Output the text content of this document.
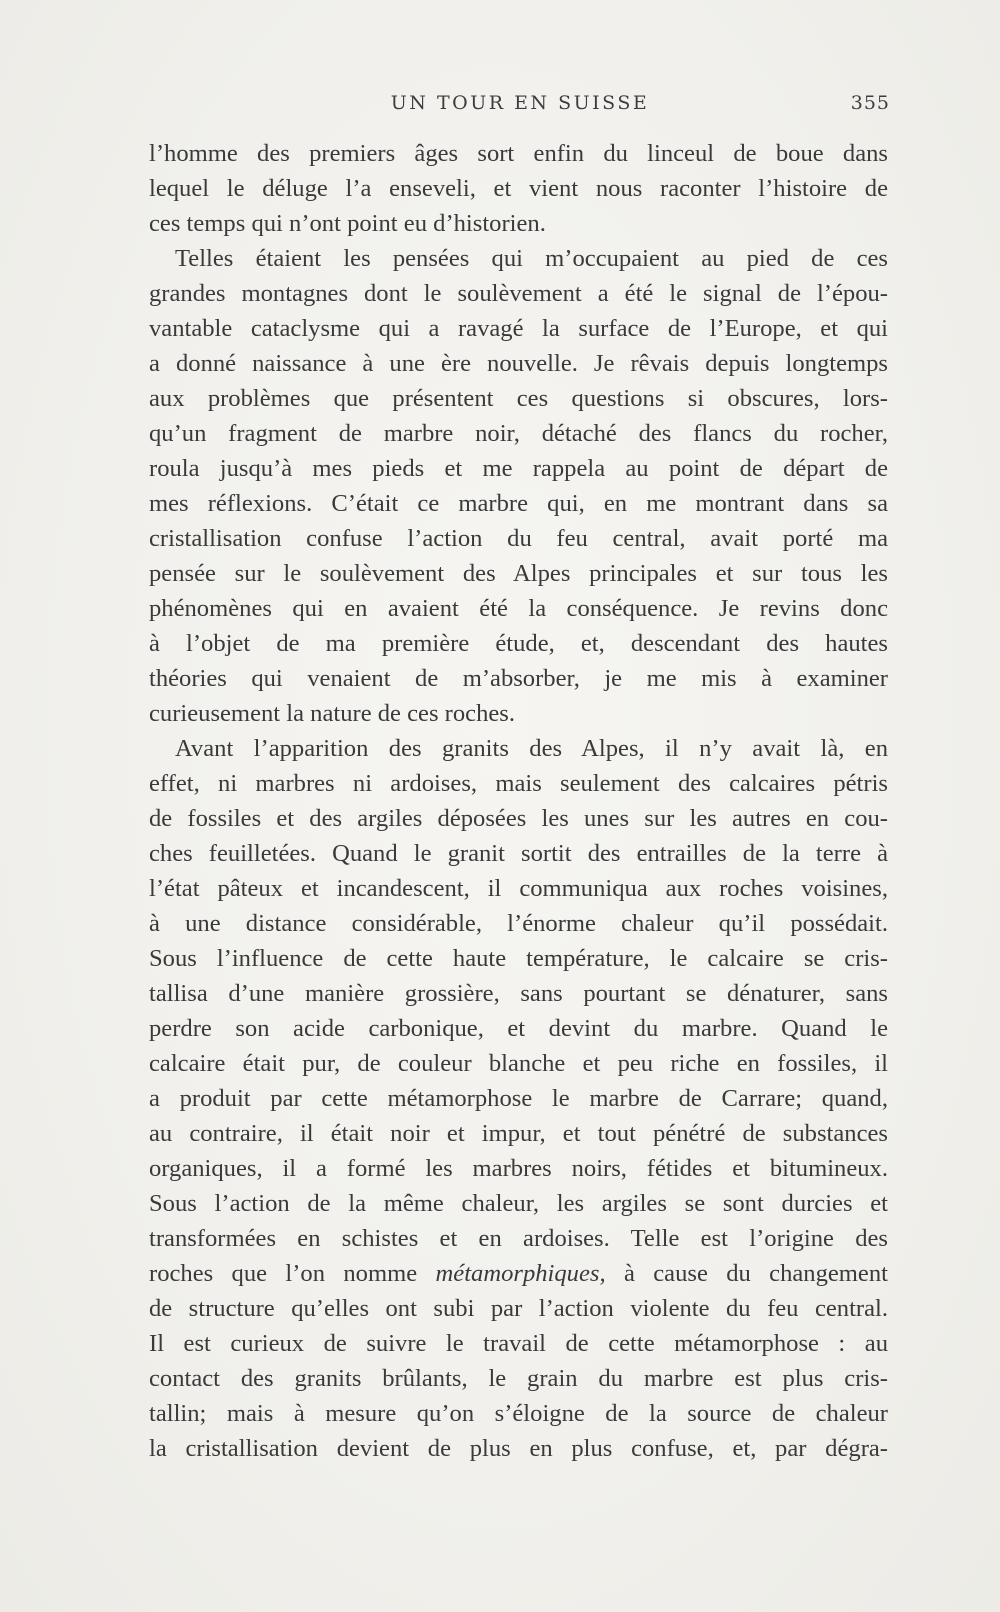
UN TOUR EN SUISSE	355
l’homme des premiers âges sort enfin du linceul de boue dans
lequel le déluge l’a enseveli, et vient nous raconter l’histoire de
ces temps qui n’ont point eu d’historien.
Telles étaient les pensées qui m’occupaient au pied de ces
grandes montagnes dont le soulèvement a été le signal de l’épou-
vantable cataclysme qui a ravagé la surface de l’Europe, et qui
a donné naissance à une ère nouvelle. Je rêvais depuis longtemps
aux problèmes que présentent ces questions si obscures, lors-
qu’un fragment de marbre noir, détaché des flancs du rocher,
roula jusqu’à mes pieds et me rappela au point de départ de
mes réflexions. C’était ce marbre qui, en me montrant dans sa
cristallisation confuse l’action du feu central, avait porté ma
pensée sur le soulèvement des Alpes principales et sur tous les
phénomènes qui en avaient été la conséquence. Je revins donc
à l’objet de ma première étude, et, descendant des hautes
théories qui venaient de m’absorber, je me mis à examiner
curieusement la nature de ces roches.
Avant l’apparition des granits des Alpes, il n’y avait là, en
effet, ni marbres ni ardoises, mais seulement des calcaires pétris
de fossiles et des argiles déposées les unes sur les autres en cou-
ches feuilletées. Quand le granit sortit des entrailles de la terre à
l’état pâteux et incandescent, il communiqua aux roches voisines,
à une distance considérable, l’énorme chaleur qu’il possédait.
Sous l’influence de cette haute température, le calcaire se cris-
tallisa d’une manière grossière, sans pourtant se dénaturer, sans
perdre son acide carbonique, et devint du marbre. Quand le
calcaire était pur, de couleur blanche et peu riche en fossiles, il
a produit par cette métamorphose le marbre de Carrare; quand,
au contraire, il était noir et impur, et tout pénétré de substances
organiques, il a formé les marbres noirs, fétides et bitumineux.
Sous l’action de la même chaleur, les argiles se sont durcies et
transformées en schistes et en ardoises. Telle est l’origine des
roches que l’on nomme métamorphiques, à cause du changement
de structure qu’elles ont subi par l’action violente du feu central.
Il est curieux de suivre le travail de cette métamorphose : au
contact des granits brûlants, le grain du marbre est plus cris-
tallin; mais à mesure qu’on s’éloigne de la source de chaleur
la cristallisation devient de plus en plus confuse, et, par dégra-
